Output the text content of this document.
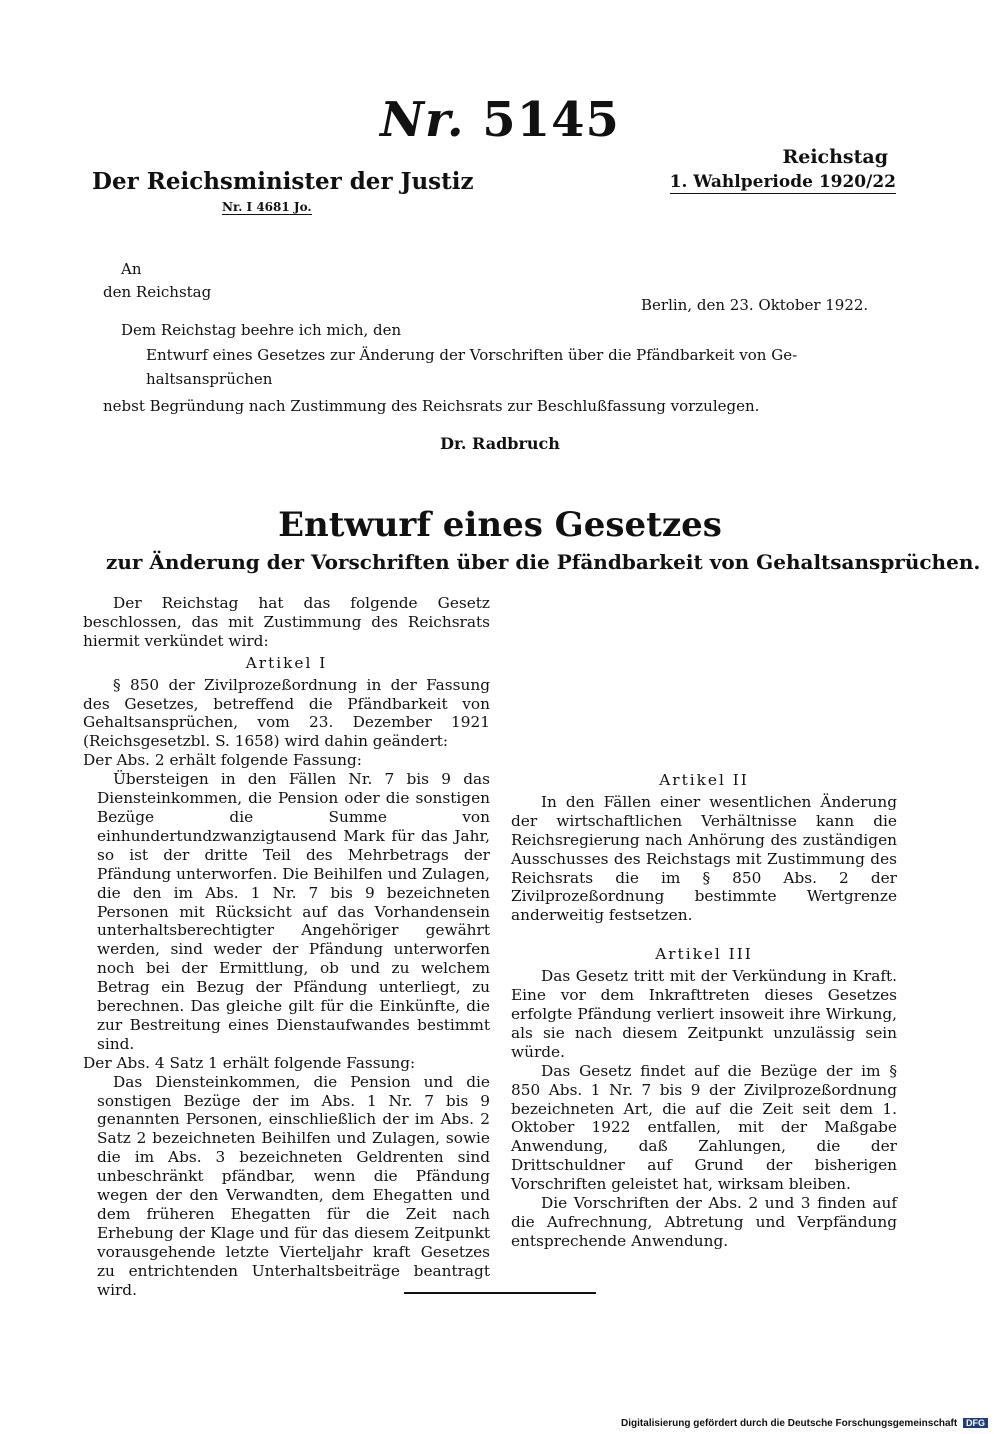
Nr. 5145
Reichstag
1. Wahlperiode 1920/22
Der Reichsminister der Justiz
Nr. I 4681 Jo.
An
den Reichstag
Berlin, den 23. Oktober 1922.
Dem Reichstag beehre ich mich, den
Entwurf eines Gesetzes zur Änderung der Vorschriften über die Pfändbarkeit von Ge-
haltsansprüchen
nebst Begründung nach Zustimmung des Reichsrats zur Beschlußfassung vorzulegen.
Dr. Radbruch
Entwurf eines Gesetzes
zur Änderung der Vorschriften über die Pfändbarkeit von Gehaltsansprüchen.

Der Reichstag hat das folgende Gesetz beschlossen, das mit Zustimmung des Reichsrats hiermit verkündet wird:

Artikel I

§ 850 der Zivilprozeßordnung in der Fassung des Gesetzes, betreffend die Pfändbarkeit von Gehaltsansprüchen, vom 23. Dezember 1921 (Reichsgesetzbl. S. 1658) wird dahin geändert:

Der Abs. 2 erhält folgende Fassung:

Übersteigen in den Fällen Nr. 7 bis 9 das Diensteinkommen, die Pension oder die sonstigen Bezüge die Summe von einhundertundzwanzigtausend Mark für das Jahr, so ist der dritte Teil des Mehrbetrags der Pfändung unterworfen. Die Beihilfen und Zulagen, die den im Abs. 1 Nr. 7 bis 9 bezeichneten Personen mit Rücksicht auf das Vorhandensein unterhaltsberechtigter Angehöriger gewährt werden, sind weder der Pfändung unterworfen noch bei der Ermittlung, ob und zu welchem Betrag ein Bezug der Pfändung unterliegt, zu berechnen. Das gleiche gilt für die Einkünfte, die zur Bestreitung eines Dienstaufwandes bestimmt sind.

Der Abs. 4 Satz 1 erhält folgende Fassung:

Das Diensteinkommen, die Pension und die sonstigen Bezüge der im Abs. 1 Nr. 7 bis 9 genannten Personen, einschließlich der im Abs. 2 Satz 2 bezeichneten Beihilfen und Zulagen, sowie die im Abs. 3 bezeichneten Geldrenten sind unbeschränkt pfändbar, wenn die Pfändung wegen der den Verwandten, dem Ehegatten und dem früheren Ehegatten für die Zeit nach Erhebung der Klage und für das diesem Zeitpunkt vorausgehende letzte Vierteljahr kraft Gesetzes zu entrichtenden Unterhaltsbeiträge beantragt wird.

Artikel II

In den Fällen einer wesentlichen Änderung der wirtschaftlichen Verhältnisse kann die Reichsregierung nach Anhörung des zuständigen Ausschusses des Reichstags mit Zustimmung des Reichsrats die im § 850 Abs. 2 der Zivilprozeßordnung bestimmte Wertgrenze anderweitig festsetzen.

Artikel III

Das Gesetz tritt mit der Verkündung in Kraft. Eine vor dem Inkrafttreten dieses Gesetzes erfolgte Pfändung verliert insoweit ihre Wirkung, als sie nach diesem Zeitpunkt unzulässig sein würde.

Das Gesetz findet auf die Bezüge der im § 850 Abs. 1 Nr. 7 bis 9 der Zivilprozeßordnung bezeichneten Art, die auf die Zeit seit dem 1. Oktober 1922 entfallen, mit der Maßgabe Anwendung, daß Zahlungen, die der Drittschuldner auf Grund der bisherigen Vorschriften geleistet hat, wirksam bleiben.

Die Vorschriften der Abs. 2 und 3 finden auf die Aufrechnung, Abtretung und Verpfändung entsprechende Anwendung.

Digitalisierung gefördert durch die Deutsche Forschungsgemeinschaft DFG
